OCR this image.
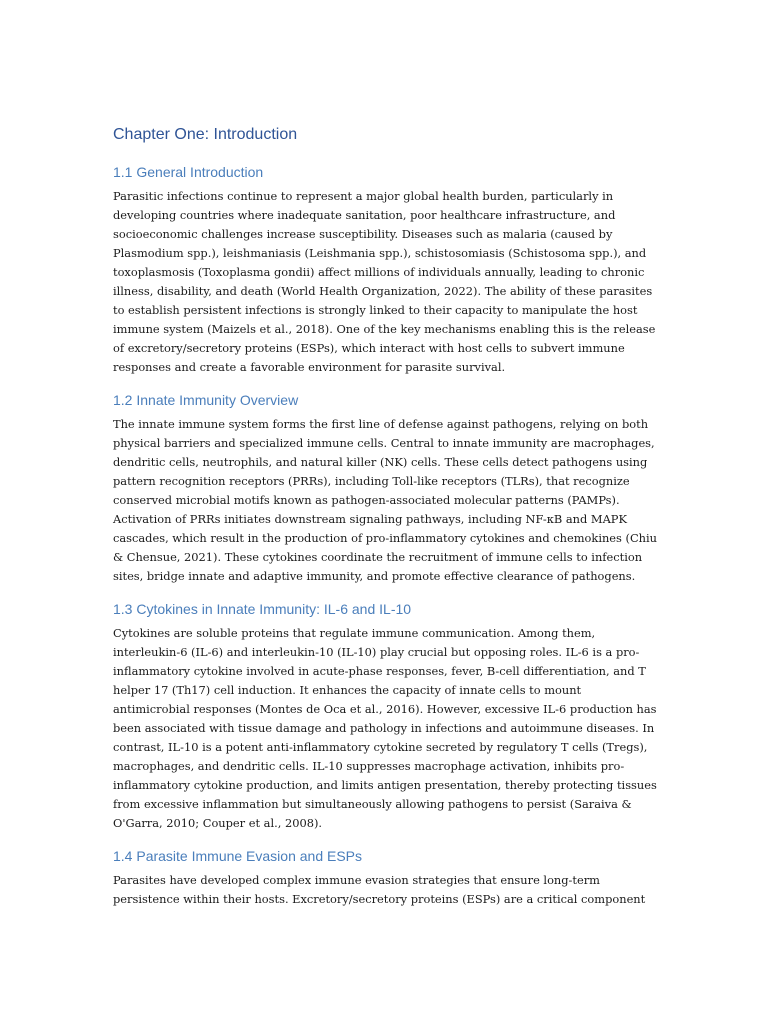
Chapter One: Introduction
1.1 General Introduction

Parasitic infections continue to represent a major global health burden, particularly in developing countries where inadequate sanitation, poor healthcare infrastructure, and socioeconomic challenges increase susceptibility. Diseases such as malaria (caused by Plasmodium spp.), leishmaniasis (Leishmania spp.), schistosomiasis (Schistosoma spp.), and toxoplasmosis (Toxoplasma gondii) affect millions of individuals annually, leading to chronic illness, disability, and death (World Health Organization, 2022). The ability of these parasites to establish persistent infections is strongly linked to their capacity to manipulate the host immune system (Maizels et al., 2018). One of the key mechanisms enabling this is the release of excretory/secretory proteins (ESPs), which interact with host cells to subvert immune responses and create a favorable environment for parasite survival.

1.2 Innate Immunity Overview

The innate immune system forms the first line of defense against pathogens, relying on both physical barriers and specialized immune cells. Central to innate immunity are macrophages, dendritic cells, neutrophils, and natural killer (NK) cells. These cells detect pathogens using pattern recognition receptors (PRRs), including Toll-like receptors (TLRs), that recognize conserved microbial motifs known as pathogen-associated molecular patterns (PAMPs). Activation of PRRs initiates downstream signaling pathways, including NF-κB and MAPK cascades, which result in the production of pro-inflammatory cytokines and chemokines (Chiu & Chensue, 2021). These cytokines coordinate the recruitment of immune cells to infection sites, bridge innate and adaptive immunity, and promote effective clearance of pathogens.

1.3 Cytokines in Innate Immunity: IL-6 and IL-10

Cytokines are soluble proteins that regulate immune communication. Among them, interleukin-6 (IL-6) and interleukin-10 (IL-10) play crucial but opposing roles. IL-6 is a pro-inflammatory cytokine involved in acute-phase responses, fever, B-cell differentiation, and T helper 17 (Th17) cell induction. It enhances the capacity of innate cells to mount antimicrobial responses (Montes de Oca et al., 2016). However, excessive IL-6 production has been associated with tissue damage and pathology in infections and autoimmune diseases. In contrast, IL-10 is a potent anti-inflammatory cytokine secreted by regulatory T cells (Tregs), macrophages, and dendritic cells. IL-10 suppresses macrophage activation, inhibits pro-inflammatory cytokine production, and limits antigen presentation, thereby protecting tissues from excessive inflammation but simultaneously allowing pathogens to persist (Saraiva & O'Garra, 2010; Couper et al., 2008).

1.4 Parasite Immune Evasion and ESPs

Parasites have developed complex immune evasion strategies that ensure long-term persistence within their hosts. Excretory/secretory proteins (ESPs) are a critical component
